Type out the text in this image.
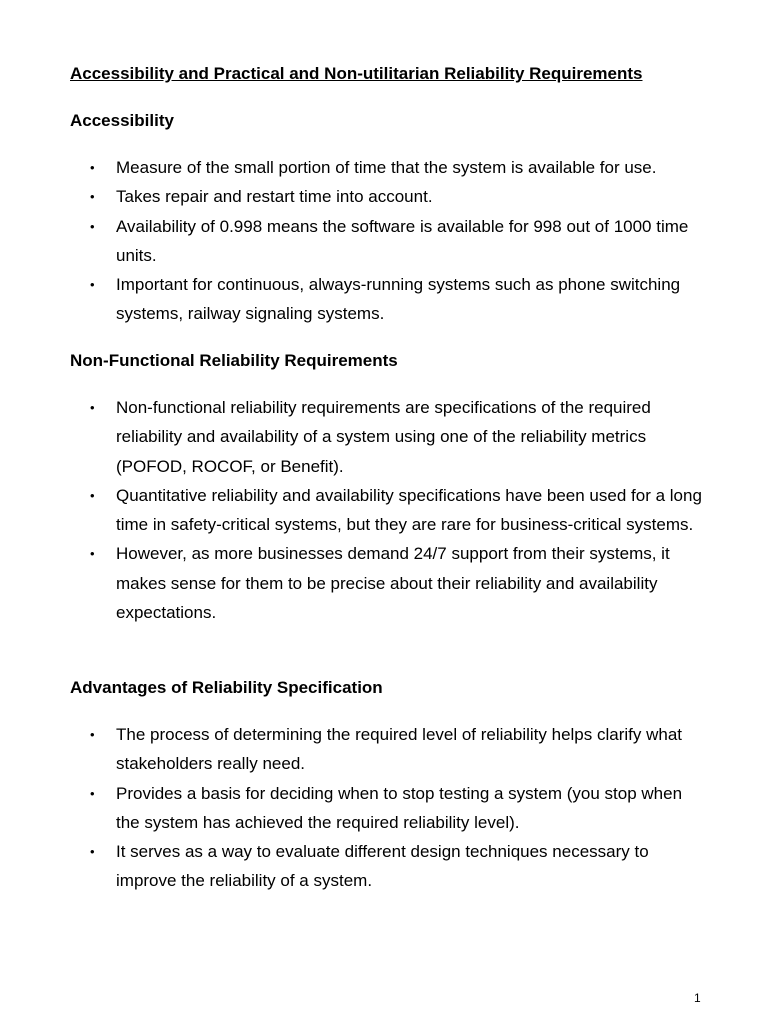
Accessibility and Practical and Non-utilitarian Reliability Requirements
Accessibility
• Measure of the small portion of time that the system is available for use.
• Takes repair and restart time into account.
• Availability of 0.998 means the software is available for 998 out of 1000 time units.
• Important for continuous, always-running systems such as phone switching systems, railway signaling systems.
Non-Functional Reliability Requirements
• Non-functional reliability requirements are specifications of the required reliability and availability of a system using one of the reliability metrics (POFOD, ROCOF, or Benefit).
• Quantitative reliability and availability specifications have been used for a long time in safety-critical systems, but they are rare for business-critical systems.
• However, as more businesses demand 24/7 support from their systems, it makes sense for them to be precise about their reliability and availability expectations.
Advantages of Reliability Specification
• The process of determining the required level of reliability helps clarify what stakeholders really need.
• Provides a basis for deciding when to stop testing a system (you stop when the system has achieved the required reliability level).
• It serves as a way to evaluate different design techniques necessary to improve the reliability of a system.
1
